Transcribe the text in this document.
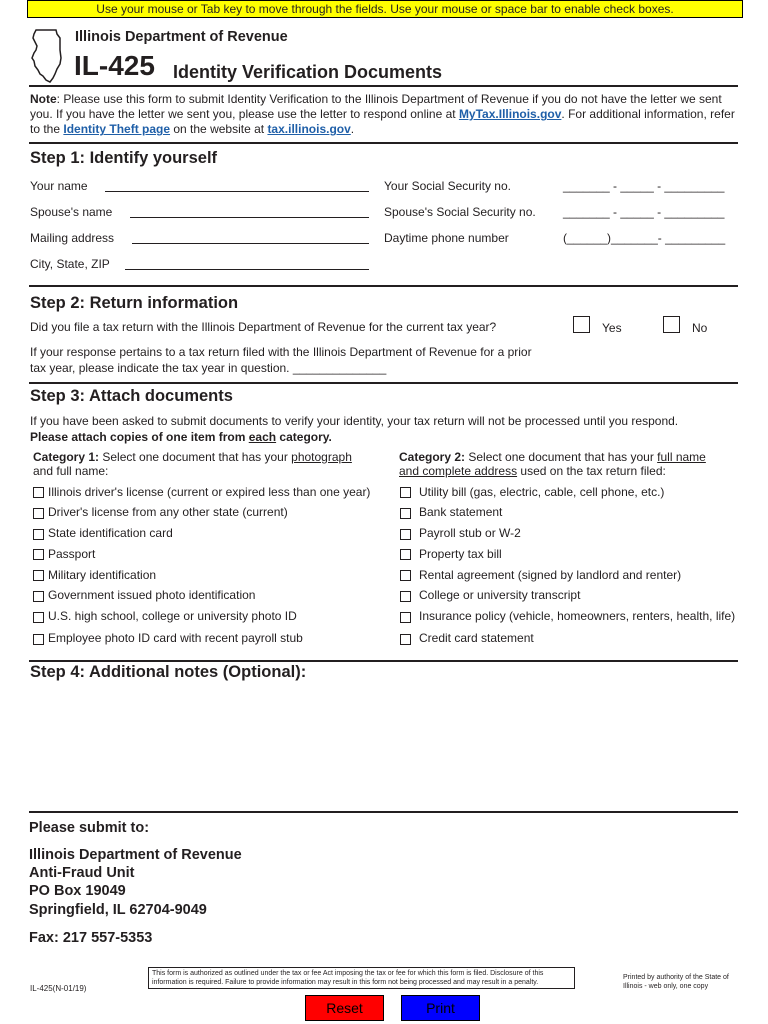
Use your mouse or Tab key to move through the fields. Use your mouse or space bar to enable check boxes.
Illinois Department of Revenue
IL-425 Identity Verification Documents
Note: Please use this form to submit Identity Verification to the Illinois Department of Revenue if you do not have the letter we sent you. If you have the letter we sent you, please use the letter to respond online at MyTax.Illinois.gov. For additional information, refer to the Identity Theft page on the website at tax.illinois.gov.
Step 1: Identify yourself
Your name
Spouse's name
Mailing address
City, State, ZIP
Your Social Security no.	_______ - _____ - _________
Spouse's Social Security no. _______ - _____ - _________
Daytime phone number	(______)_______- _________
Step 2: Return information
Did you file a tax return with the Illinois Department of Revenue for the current tax year?	Yes	No
If your response pertains to a tax return filed with the Illinois Department of Revenue for a prior tax year, please indicate the tax year in question. ______________
Step 3: Attach documents
If you have been asked to submit documents to verify your identity, your tax return will not be processed until you respond.
Please attach copies of one item from each category.
Category 1: Select one document that has your photograph and full name:
Category 2: Select one document that has your full name and complete address used on the tax return filed:
Illinois driver's license (current or expired less than one year)
Driver's license from any other state (current)
State identification card
Passport
Military identification
Government issued photo identification
U.S. high school, college or university photo ID
Employee photo ID card with recent payroll stub
Utility bill (gas, electric, cable, cell phone, etc.)
Bank statement
Payroll stub or W-2
Property tax bill
Rental agreement (signed by landlord and renter)
College or university transcript
Insurance policy (vehicle, homeowners, renters, health, life)
Credit card statement
Step 4: Additional notes (Optional):
Please submit to:
Illinois Department of Revenue
Anti-Fraud Unit
PO Box 19049
Springfield, IL 62704-9049
Fax: 217 557-5353
IL-425(N-01/19)
This form is authorized as outlined under the tax or fee Act imposing the tax or fee for which this form is filed. Disclosure of this information is required. Failure to provide information may result in this form not being processed and may result in a penalty.
Printed by authority of the State of Illinois - web only, one copy
Reset	Print
